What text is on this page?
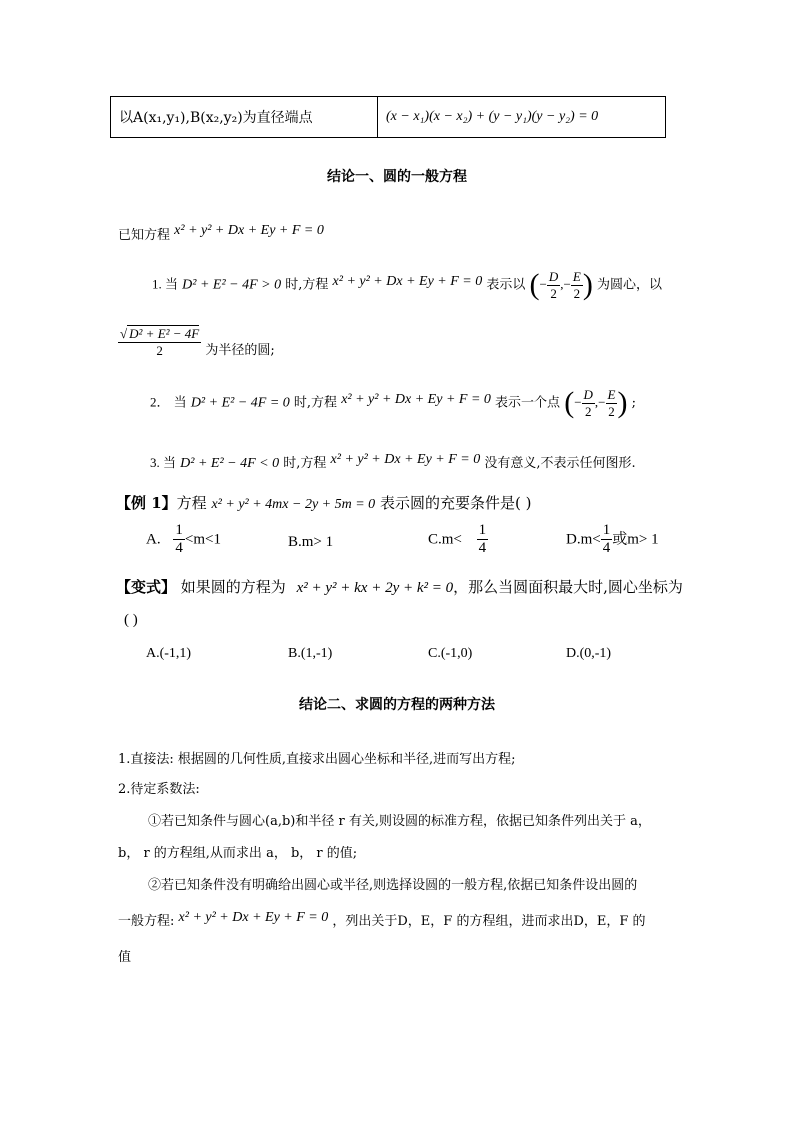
以A(x₁,y₁),B(x₂,y₂)为直径端点	(x − x₁)(x − x₂) + (y − y₁)(y − y₂) = 0
结论一、圆的一般方程
已知方程 x² + y² + Dx + Ey + F = 0
1. 当 D² + E² − 4F > 0 时,方程 x² + y² + Dx + Ey + F = 0 表示以 (− $\frac{D}{2}$ ,− $\frac{E}{2}$ ) 为圆心，以
$\frac{\text{√ D² + E² − 4F}}{2}$ 为半径的圆;
2． 当 D² + E² − 4F = 0 时,方程 x² + y² + Dx + Ey + F = 0 表示一个点 (− $\frac{D}{2}$ ,− $\frac{E}{2}$ ) ;
3. 当 D² + E² − 4F < 0 时,方程 x² + y² + Dx + Ey + F = 0 没有意义,不表示任何图形.
【例 1】方程 x² + y² + 4mx − 2y + 5m = 0 表示圆的充要条件是( )
A. $\frac{1}{4} <m<1$	B.m> 1	$C.m< \frac{1}{4}$	$D.m< \frac{1}{4}$ 或m> 1
【变式】 如果圆的方程为 x² + y² + kx + 2y + k² = 0，那么当圆面积最大时,圆心坐标为
( )
A.(-1,1)	B.(1,-1)	C.(-1,0)	D.(0,-1)
结论二、求圆的方程的两种方法
1.直接法: 根据圆的几何性质,直接求出圆心坐标和半径,进而写出方程;
2.待定系数法:
①若已知条件与圆心(a,b)和半径 r 有关,则设圆的标准方程，依据已知条件列出关于 a，
b， r 的方程组,从而求出 a， b， r 的值;
②若已知条件没有明确给出圆心或半径,则选择设圆的一般方程,依据已知条件设出圆的
一般方程: x² + y² + Dx + Ey + F = 0 ，列出关于D，E，F 的方程组，进而求出D，E，F 的
值
